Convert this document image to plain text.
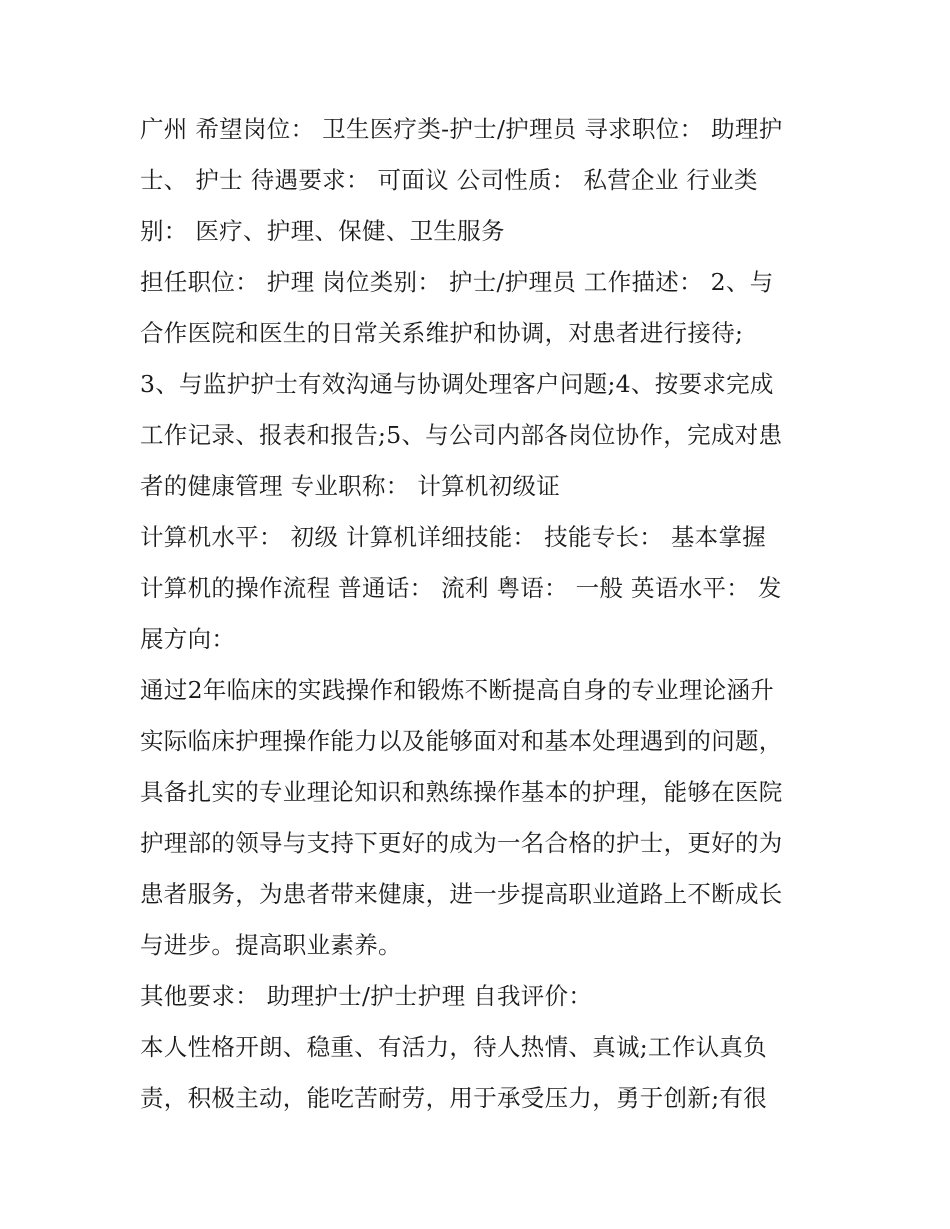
广州 希望岗位： 卫生医疗类-护士/护理员 寻求职位： 助理护
士、 护士 待遇要求： 可面议 公司性质： 私营企业 行业类
别： 医疗、护理、保健、卫生服务
担任职位： 护理 岗位类别： 护士/护理员 工作描述： 2、与
合作医院和医生的日常关系维护和协调，对患者进行接待;
3、与监护护士有效沟通与协调处理客户问题;4、按要求完成
工作记录、报表和报告;5、与公司内部各岗位协作，完成对患
者的健康管理 专业职称： 计算机初级证
计算机水平： 初级 计算机详细技能： 技能专长： 基本掌握
计算机的操作流程 普通话： 流利 粤语： 一般 英语水平： 发
展方向：
通过2年临床的实践操作和锻炼不断提高自身的专业理论涵升
实际临床护理操作能力以及能够面对和基本处理遇到的问题，
具备扎实的专业理论知识和熟练操作基本的护理，能够在医院
护理部的领导与支持下更好的成为一名合格的护士，更好的为
患者服务，为患者带来健康，进一步提高职业道路上不断成长
与进步。提高职业素养。
其他要求： 助理护士/护士护理 自我评价：
本人性格开朗、稳重、有活力，待人热情、真诚;工作认真负
责，积极主动，能吃苦耐劳，用于承受压力，勇于创新;有很
